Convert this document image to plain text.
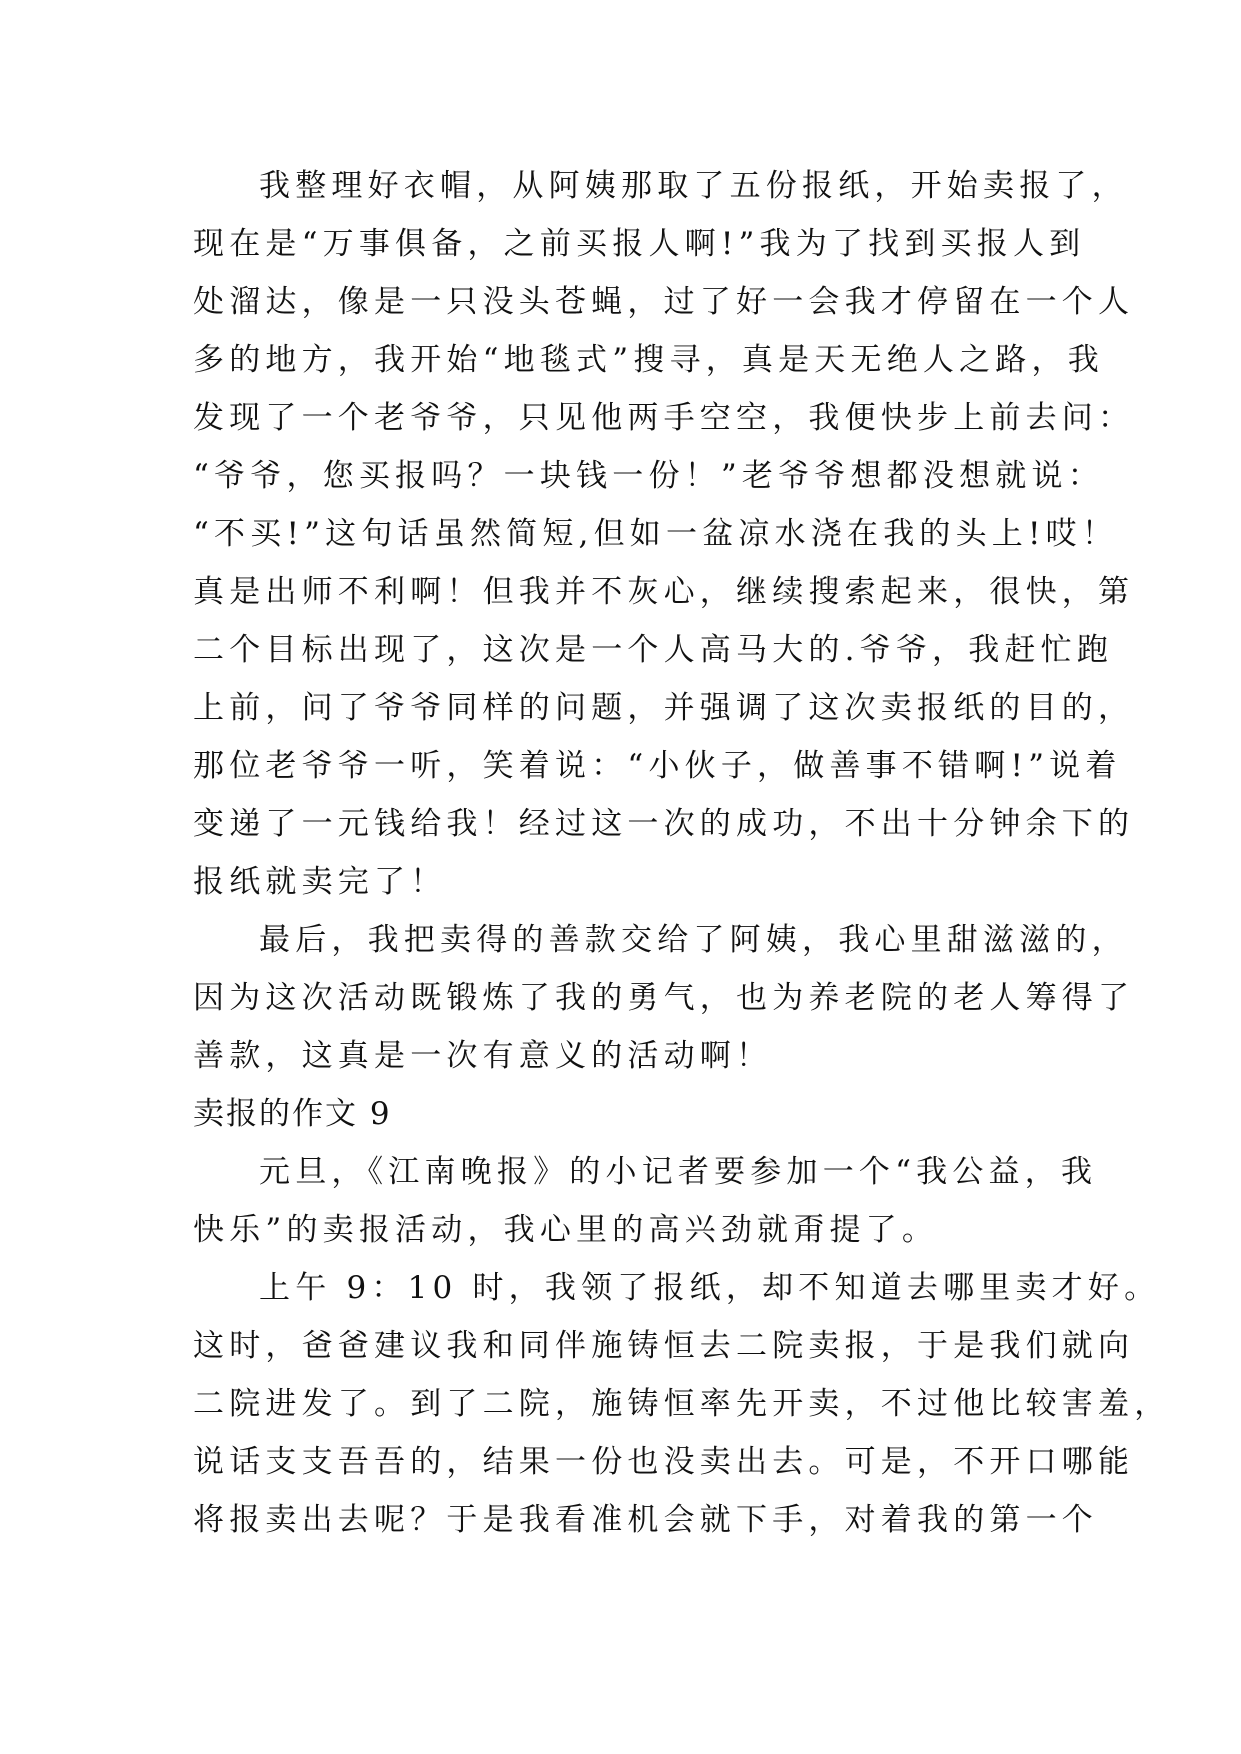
我整理好衣帽，从阿姨那取了五份报纸，开始卖报了，
现在是“万事俱备，之前买报人啊!”我为了找到买报人到
处溜达，像是一只没头苍蝇，过了好一会我才停留在一个人
多的地方，我开始“地毯式”搜寻，真是天无绝人之路，我
发现了一个老爷爷，只见他两手空空，我便快步上前去问：
“爷爷，您买报吗？一块钱一份！”老爷爷想都没想就说：
“不买!”这句话虽然简短,但如一盆凉水浇在我的头上!哎！
真是出师不利啊！但我并不灰心，继续搜索起来，很快，第
二个目标出现了，这次是一个人高马大的.爷爷，我赶忙跑
上前，问了爷爷同样的问题，并强调了这次卖报纸的目的，
那位老爷爷一听，笑着说：“小伙子，做善事不错啊!”说着
变递了一元钱给我！经过这一次的成功，不出十分钟余下的
报纸就卖完了！
最后，我把卖得的善款交给了阿姨，我心里甜滋滋的，
因为这次活动既锻炼了我的勇气，也为养老院的老人筹得了
善款，这真是一次有意义的活动啊！
卖报的作文 9
元旦，《江南晚报》的小记者要参加一个“我公益，我
快乐”的卖报活动，我心里的高兴劲就甭提了。
上午 9：10 时，我领了报纸，却不知道去哪里卖才好。
这时，爸爸建议我和同伴施铸恒去二院卖报，于是我们就向
二院进发了。到了二院，施铸恒率先开卖，不过他比较害羞，
说话支支吾吾的，结果一份也没卖出去。可是，不开口哪能
将报卖出去呢？于是我看准机会就下手，对着我的第一个
